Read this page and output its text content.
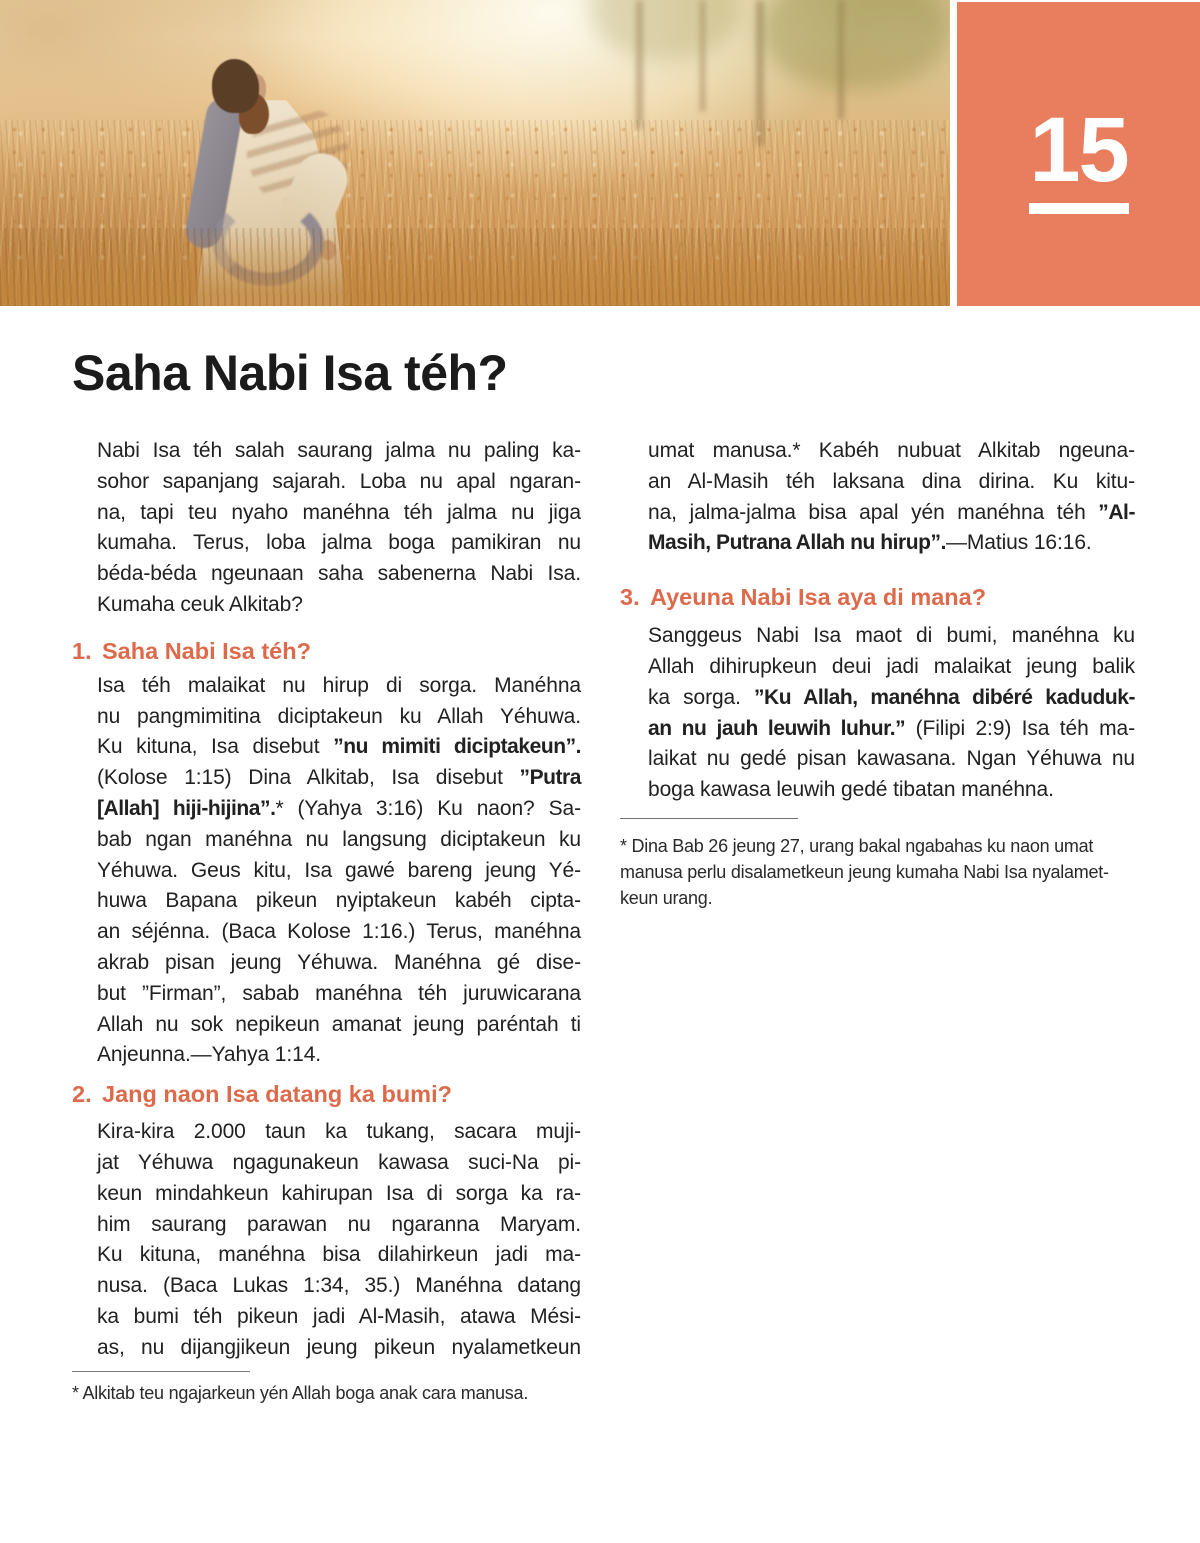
15
Saha Nabi Isa téh?
Nabi Isa téh salah saurang jalma nu paling ka-
sohor sapanjang sajarah. Loba nu apal ngaran-
na, tapi teu nyaho manéhna téh jalma nu jiga
kumaha. Terus, loba jalma boga pamikiran nu
béda-béda ngeunaan saha sabenerna Nabi Isa.
Kumaha ceuk Alkitab?
1. Saha Nabi Isa téh?
Isa téh malaikat nu hirup di sorga. Manéhna
nu pangmimitina diciptakeun ku Allah Yéhuwa.
Ku kituna, Isa disebut ”nu mimiti diciptakeun”.
(Kolose 1:15) Dina Alkitab, Isa disebut ”Putra
[Allah] hiji-hijina”.* (Yahya 3:16) Ku naon? Sa-
bab ngan manéhna nu langsung diciptakeun ku
Yéhuwa. Geus kitu, Isa gawé bareng jeung Yé-
huwa Bapana pikeun nyiptakeun kabéh cipta-
an séjénna. (Baca Kolose 1:16.) Terus, manéhna
akrab pisan jeung Yéhuwa. Manéhna gé dise-
but ”Firman”, sabab manéhna téh juruwicarana
Allah nu sok nepikeun amanat jeung paréntah ti
Anjeunna.—Yahya 1:14.
2. Jang naon Isa datang ka bumi?
Kira-kira 2.000 taun ka tukang, sacara muji-
jat Yéhuwa ngagunakeun kawasa suci-Na pi-
keun mindahkeun kahirupan Isa di sorga ka ra-
him saurang parawan nu ngaranna Maryam.
Ku kituna, manéhna bisa dilahirkeun jadi ma-
nusa. (Baca Lukas 1:34, 35.) Manéhna datang
ka bumi téh pikeun jadi Al-Masih, atawa Mési-
as, nu dijangjikeun jeung pikeun nyalametkeun
* Alkitab teu ngajarkeun yén Allah boga anak cara manusa.
umat manusa.* Kabéh nubuat Alkitab ngeuna-
an Al-Masih téh laksana dina dirina. Ku kitu-
na, jalma-jalma bisa apal yén manéhna téh ”Al-
Masih, Putrana Allah nu hirup”.—Matius 16:16.
3. Ayeuna Nabi Isa aya di mana?
Sanggeus Nabi Isa maot di bumi, manéhna ku
Allah dihirupkeun deui jadi malaikat jeung balik
ka sorga. ”Ku Allah, manéhna dibéré kaduduk-
an nu jauh leuwih luhur.” (Filipi 2:9) Isa téh ma-
laikat nu gedé pisan kawasana. Ngan Yéhuwa nu
boga kawasa leuwih gedé tibatan manéhna.
* Dina Bab 26 jeung 27, urang bakal ngabahas ku naon umat
manusa perlu disalametkeun jeung kumaha Nabi Isa nyalamet-
keun urang.
